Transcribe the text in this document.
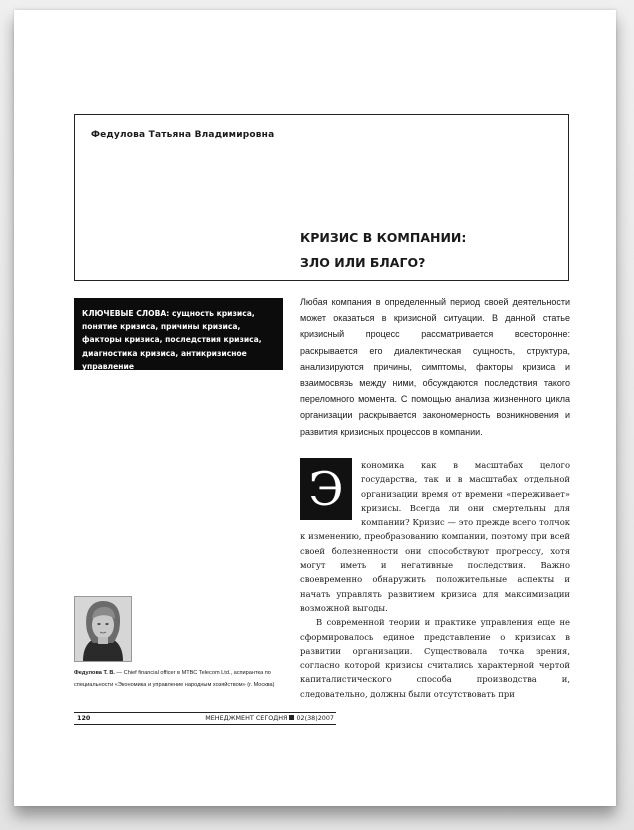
Федулова Татьяна Владимировна
КРИЗИС В КОМПАНИИ:
ЗЛО ИЛИ БЛАГО?
КЛЮЧЕВЫЕ СЛОВА: сущность кризиса, понятие кризиса, причины кризиса, факторы кризиса, последствия кризиса, диагностика кризиса, антикризисное управление

Любая компания в определенный период своей деятельности может оказаться в кризисной ситуации. В данной статье кризисный процесс рассматривается всесторонне: раскрывается его диалектическая сущность, структура, анализируются причины, симптомы, факторы кризиса и взаимосвязь между ними, обсуждаются последствия такого переломного момента. С помощью анализа жизненного цикла организации раскрывается закономерность возникновения и развития кризисных процессов в компании.

Э	кономика как в масштабах целого государства, так и в масштабах отдельной организации время от времени «переживает» кризисы. Всегда ли они смертельны для компании? Кризис — это прежде всего толчок к изменению, преобразованию компании, поэтому при всей своей болезненности они способствуют прогрессу, хотя могут иметь и негативные последствия. Важно своевременно обнаружить положительные аспекты и начать управлять развитием кризиса для максимизации возможной выгоды.

В современной теории и практике управления еще не сформировалось единое представление о кризисах в развитии организации. Существовала точка зрения, согласно которой кризисы считались характерной чертой капиталистического способа производства и, следовательно, должны были отсутствовать при

Федулова Т. В. — Chief financial officer в МТВС Telecom Ltd., аспирантка по специальности «Экономика и управление народным хозяйством» (г. Москва)
120	МЕНЕДЖМЕНТ СЕГОДНЯ 02(38)2007
